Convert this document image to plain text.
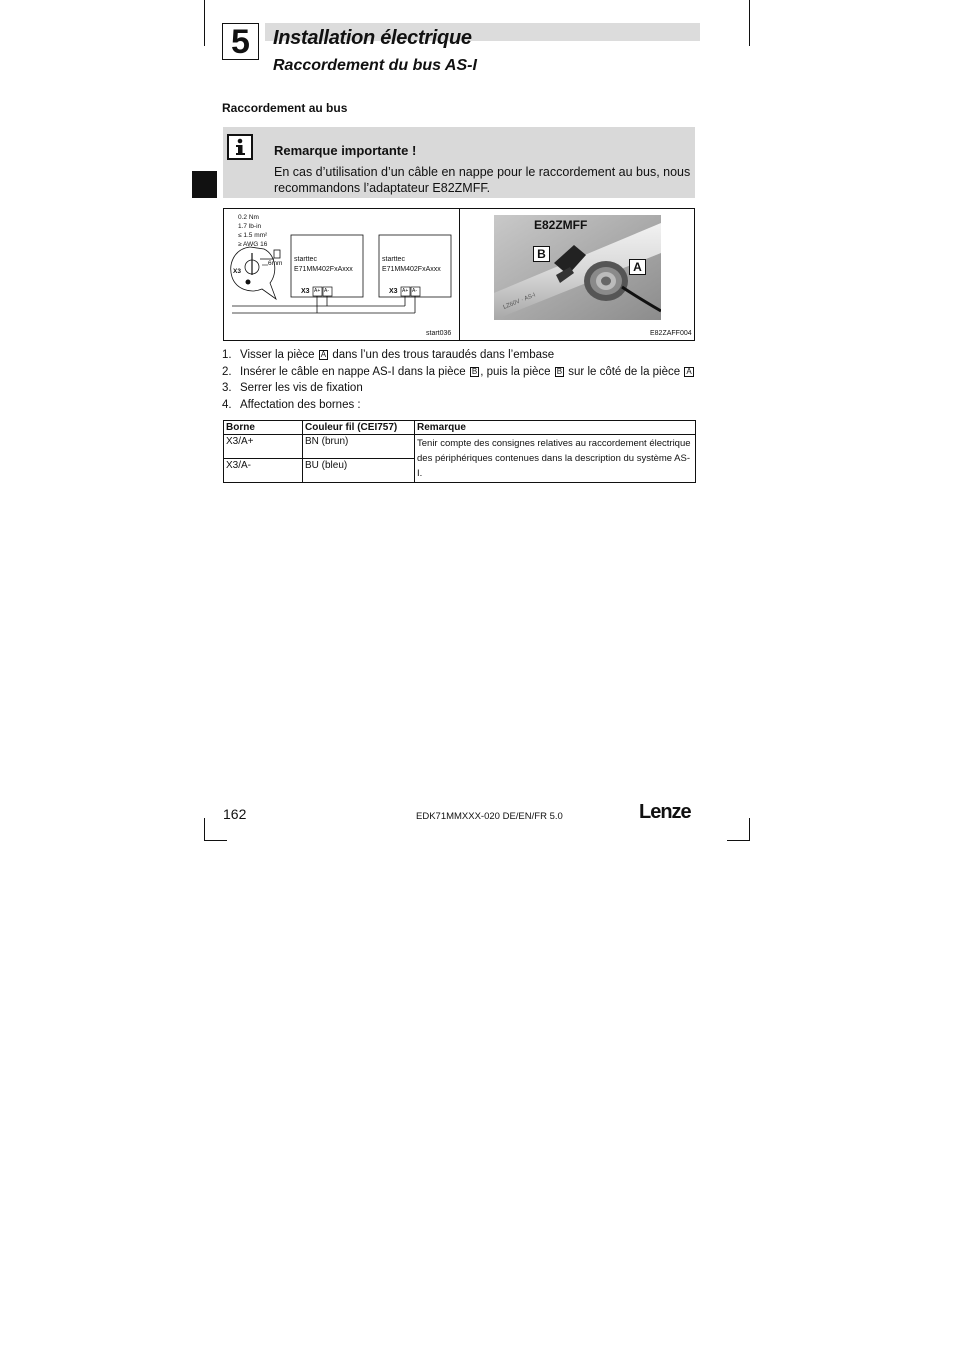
5	Installation électrique
Raccordement du bus AS-I
Raccordement au bus
Remarque importante !
En cas d’utilisation d’un câble en nappe pour le raccordement au bus, nous recommandons l’adaptateur E82ZMFF.
0.2 Nm
1.7 lb-in
≤ 1.5 mm²
≥ AWG 16
6mm
X3
starttec
E71MM402FxAxxx
starttec
E71MM402FxAxxx
X3	X3
A+ A-	A+ A-
start036
LZ60V · AS-I
E82ZMFF
B
A
E82ZAFF004
1. Visser la pièce A dans l’un des trous taraudés dans l’embase
2. Insérer le câble en nappe AS-I dans la pièce B , puis la pièce B sur le côté de la pièce A
3. Serrer les vis de fixation
4. Affectation des bornes :
Borne	Couleur fil (CEI757)	Remarque
X3/A+	BN (brun)	Tenir compte des consignes relatives au raccordement électrique des périphériques contenues dans la description du système AS-I.
X3/A-	BU (bleu)	
162	EDK71MMXXX-020 DE/EN/FR 5.0	Lenze
